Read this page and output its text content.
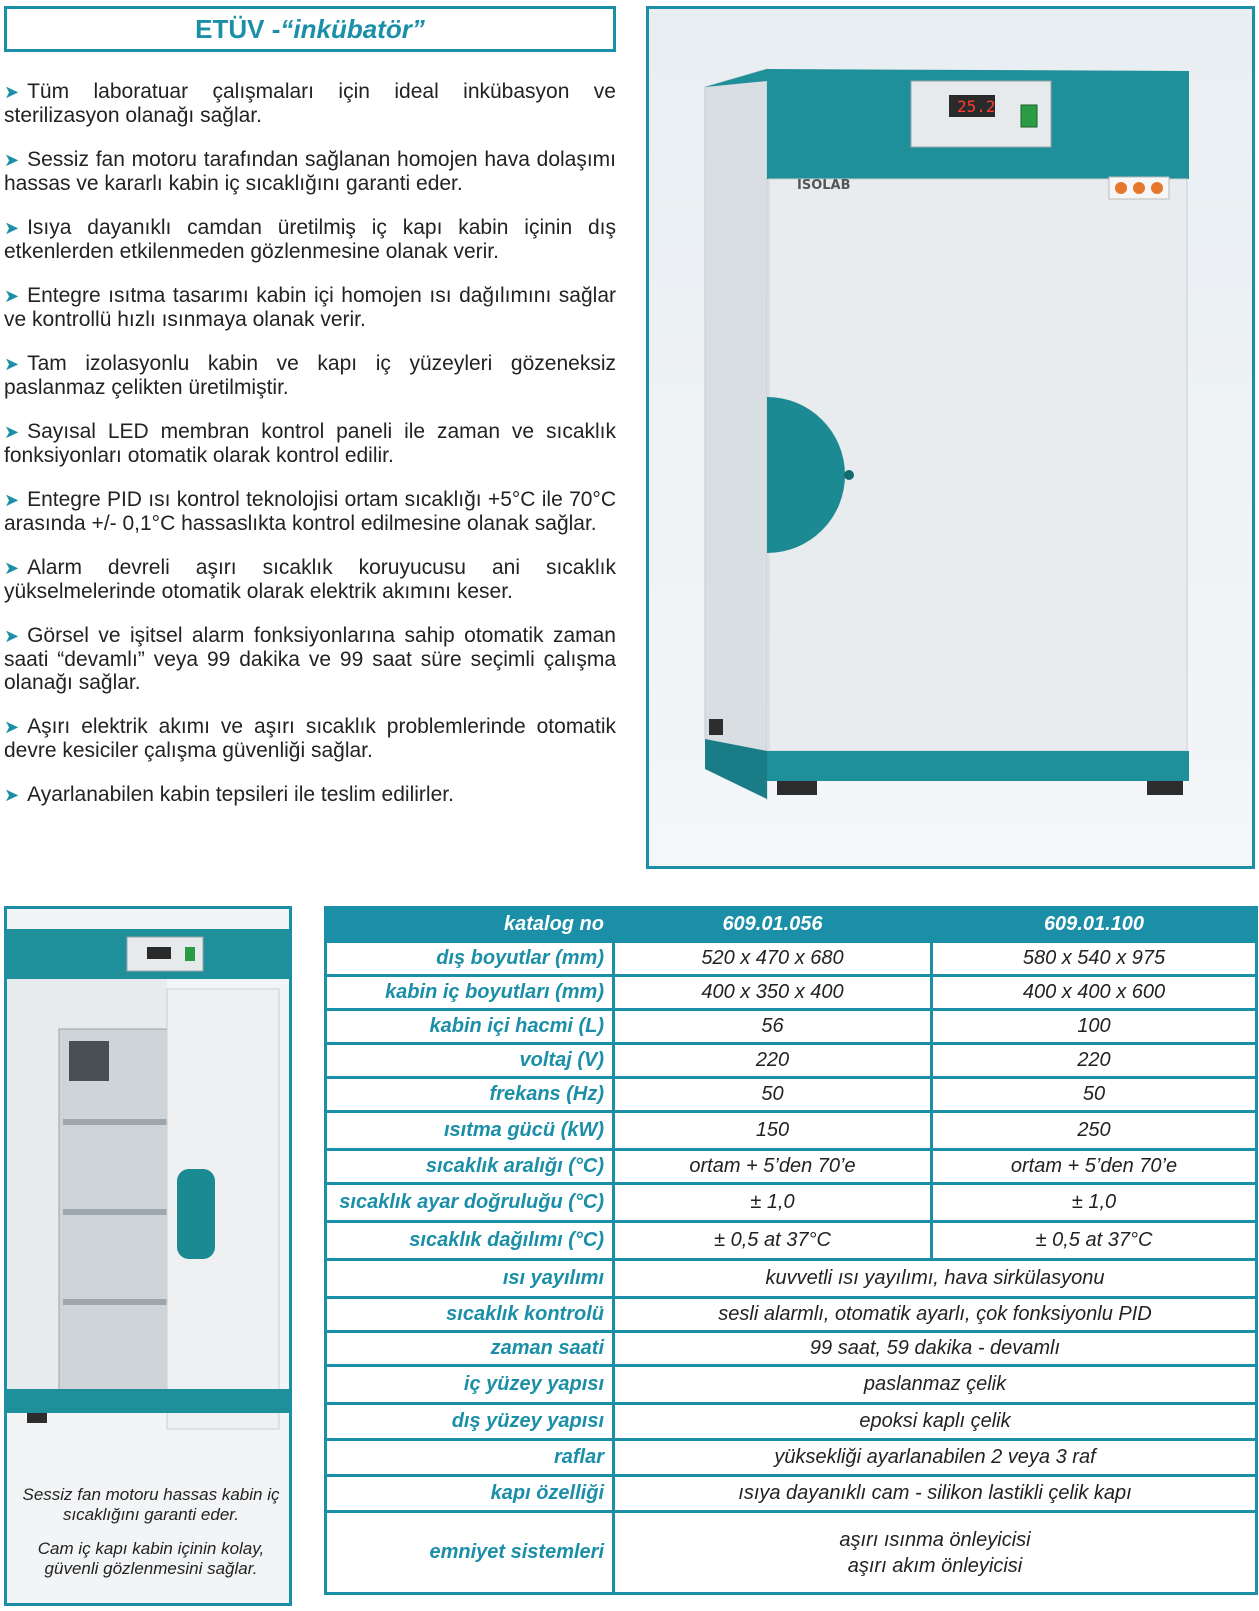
ETÜV - “inkübatör”
➤ Tüm laboratuar çalışmaları için ideal inkübasyon ve sterilizasyon olanağı sağlar.
➤ Sessiz fan motoru tarafından sağlanan homojen hava dolaşımı hassas ve kararlı kabin iç sıcaklığını garanti eder.
➤ Isıya dayanıklı camdan üretilmiş iç kapı kabin içinin dış etkenlerden etkilenmeden gözlenmesine olanak verir.
➤ Entegre ısıtma tasarımı kabin içi homojen ısı dağılımını sağlar ve kontrollü hızlı ısınmaya olanak verir.
➤ Tam izolasyonlu kabin ve kapı iç yüzeyleri gözeneksiz paslanmaz çelikten üretilmiştir.
➤ Sayısal LED membran kontrol paneli ile zaman ve sıcaklık fonksiyonları otomatik olarak kontrol edilir.
➤ Entegre PID ısı kontrol teknolojisi ortam sıcaklığı +5°C ile 70°C arasında +/- 0,1°C hassaslıkta kontrol edilmesine olanak sağlar.
➤ Alarm devreli aşırı sıcaklık koruyucusu ani sıcaklık yükselmelerinde otomatik olarak elektrik akımını keser.
➤ Görsel ve işitsel alarm fonksiyonlarına sahip otomatik zaman saati “devamlı” veya 99 dakika ve 99 saat süre seçimli çalışma olanağı sağlar.
➤ Aşırı elektrik akımı ve aşırı sıcaklık problemlerinde otomatik devre kesiciler çalışma güvenliği sağlar.
➤ Ayarlanabilen kabin tepsileri ile teslim edilirler.
25.2
ISOLAB
Sessiz fan motoru hassas kabin iç sıcaklığını garanti eder.
Cam iç kapı kabin içinin kolay, güvenli gözlenmesini sağlar.
katalog no	609.01.056	609.01.100
dış boyutlar (mm)	520 x 470 x 680	580 x 540 x 975
kabin iç boyutları (mm)	400 x 350 x 400	400 x 400 x 600
kabin içi hacmi (L)	56	100
voltaj (V)	220	220
frekans (Hz)	50	50
ısıtma gücü (kW)	150	250
sıcaklık aralığı (°C)	ortam + 5’den 70’e	ortam + 5’den 70’e
sıcaklık ayar doğruluğu (°C)	± 1,0	± 1,0
sıcaklık dağılımı (°C)	± 0,5 at 37°C	± 0,5 at 37°C
ısı yayılımı	kuvvetli ısı yayılımı, hava sirkülasyonu	
sıcaklık kontrolü	sesli alarmlı, otomatik ayarlı, çok fonksiyonlu PID	
zaman saati	99 saat, 59 dakika - devamlı	
iç yüzey yapısı	paslanmaz çelik	
dış yüzey yapısı	epoksi kaplı çelik	
raflar	yüksekliği ayarlanabilen 2 veya 3 raf	
kapı özelliği	ısıya dayanıklı cam - silikon lastikli çelik kapı	
emniyet sistemleri	aşırı ısınma önleyicisi
aşırı akım önleyicisi	
